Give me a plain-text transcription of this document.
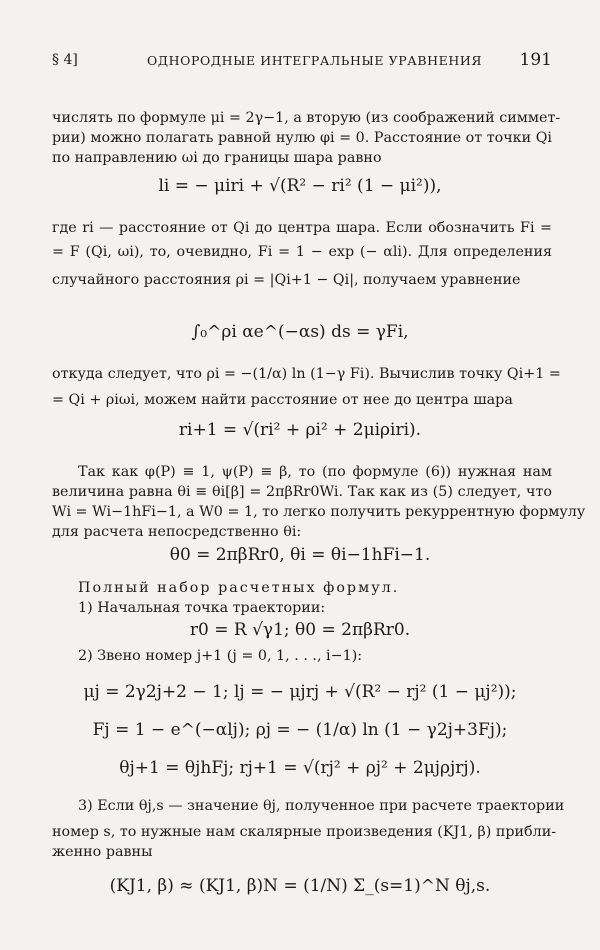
§ 4]	ОДНОРОДНЫЕ ИНТЕГРАЛЬНЫЕ УРАВНЕНИЯ 191
числять по формуле μi = 2γ−1, а вторую (из соображений симмет-
рии) можно полагать равной нулю φi = 0. Расстояние от точки Qi
по направлению ωi до границы шара равно
li = − μiri + √(R² − ri² (1 − μi²)),
где ri — расстояние от Qi до центра шара. Если обозначить Fi =
= F (Qi, ωi), то, очевидно, Fi = 1 − exp (− αli). Для определения
случайного расстояния ρi = |Qi+1 − Qi|, получаем уравнение
∫₀^ρi αe^(−αs) ds = γFi,
откуда следует, что ρi = −(1/α) ln (1−γ Fi). Вычислив точку Qi+1 =
= Qi + ρiωi, можем найти расстояние от нее до центра шара
ri+1 = √(ri² + ρi² + 2μiρiri).
Так как φ(P) ≡ 1, ψ(P) ≡ β, то (по формуле (6)) нужная нам
величина равна θi ≡ θi[β] = 2πβRr0Wi. Так как из (5) следует, что
Wi = Wi−1hFi−1, а W0 = 1, то легко получить рекуррентную формулу
для расчета непосредственно θi:
θ0 = 2πβRr0, θi = θi−1hFi−1.
Полный набор расчетных формул.
1) Начальная точка траектории:
r0 = R √γ1; θ0 = 2πβRr0.
2) Звено номер j+1 (j = 0, 1, . . ., i−1):
μj = 2γ2j+2 − 1; lj = − μjrj + √(R² − rj² (1 − μj²));
Fj = 1 − e^(−αlj); ρj = − (1/α) ln (1 − γ2j+3Fj);
θj+1 = θjhFj; rj+1 = √(rj² + ρj² + 2μjρjrj).
3) Если θj,s — значение θj, полученное при расчете траектории
номер s, то нужные нам скалярные произведения (KJ1, β) прибли-
женно равны
(KJ1, β) ≈ (KJ1, β)N = (1/N) Σ_(s=1)^N θj,s.
